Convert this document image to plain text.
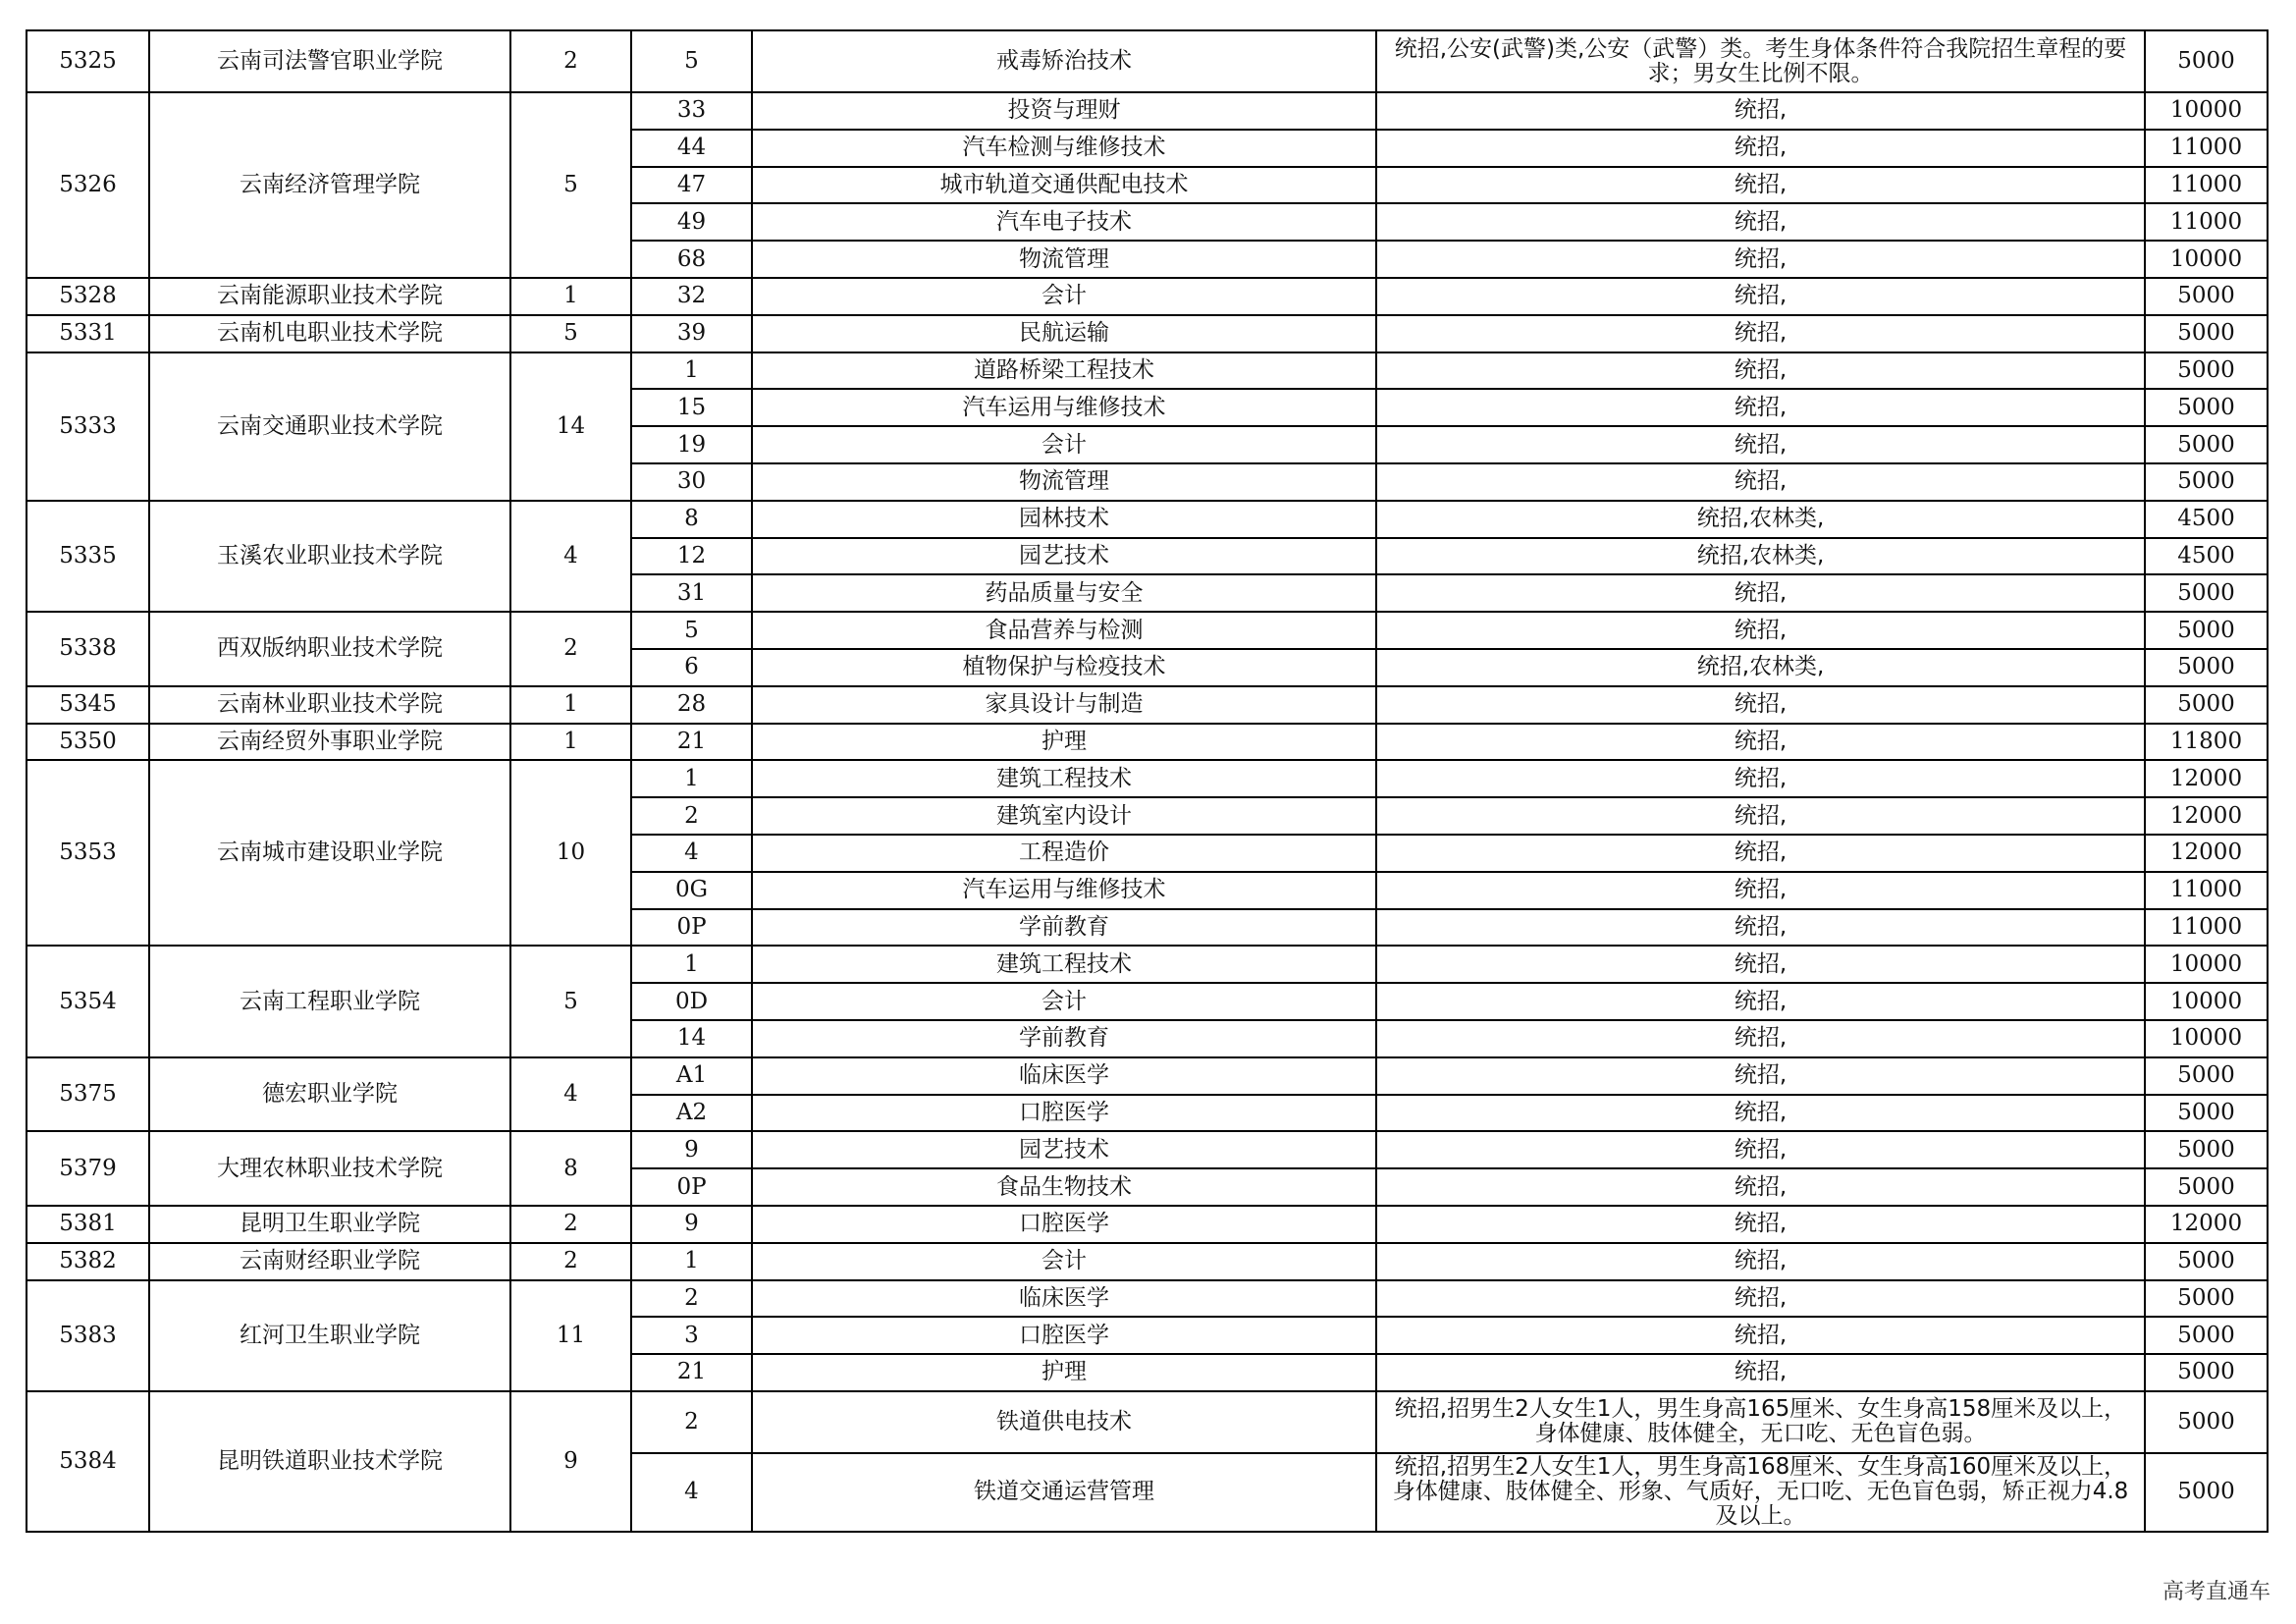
5325	云南司法警官职业学院	2	5	戒毒矫治技术	统招,公安(武警)类,公安（武警）类。考生身体条件符合我院招生章程的要求；男女生比例不限。	5000
5326	云南经济管理学院	5	33	投资与理财	统招,	10000
			44	汽车检测与维修技术	统招,	11000
			47	城市轨道交通供配电技术	统招,	11000
			49	汽车电子技术	统招,	11000
			68	物流管理	统招,	10000
5328	云南能源职业技术学院	1	32	会计	统招,	5000
5331	云南机电职业技术学院	5	39	民航运输	统招,	5000
5333	云南交通职业技术学院	14	1	道路桥梁工程技术	统招,	5000
			15	汽车运用与维修技术	统招,	5000
			19	会计	统招,	5000
			30	物流管理	统招,	5000
5335	玉溪农业职业技术学院	4	8	园林技术	统招,农林类,	4500
			12	园艺技术	统招,农林类,	4500
			31	药品质量与安全	统招,	5000
5338	西双版纳职业技术学院	2	5	食品营养与检测	统招,	5000
			6	植物保护与检疫技术	统招,农林类,	5000
5345	云南林业职业技术学院	1	28	家具设计与制造	统招,	5000
5350	云南经贸外事职业学院	1	21	护理	统招,	11800
5353	云南城市建设职业学院	10	1	建筑工程技术	统招,	12000
			2	建筑室内设计	统招,	12000
			4	工程造价	统招,	12000
			0G	汽车运用与维修技术	统招,	11000
			0P	学前教育	统招,	11000
5354	云南工程职业学院	5	1	建筑工程技术	统招,	10000
			0D	会计	统招,	10000
			14	学前教育	统招,	10000
5375	德宏职业学院	4	A1	临床医学	统招,	5000
			A2	口腔医学	统招,	5000
5379	大理农林职业技术学院	8	9	园艺技术	统招,	5000
			0P	食品生物技术	统招,	5000
5381	昆明卫生职业学院	2	9	口腔医学	统招,	12000
5382	云南财经职业学院	2	1	会计	统招,	5000
5383	红河卫生职业学院	11	2	临床医学	统招,	5000
			3	口腔医学	统招,	5000
			21	护理	统招,	5000
5384	昆明铁道职业技术学院	9	2	铁道供电技术	统招,招男生2人女生1人，男生身高165厘米、女生身高158厘米及以上，身体健康、肢体健全，无口吃、无色盲色弱。	5000
			4	铁道交通运营管理	统招,招男生2人女生1人，男生身高168厘米、女生身高160厘米及以上，身体健康、肢体健全、形象、气质好，无口吃、无色盲色弱，矫正视力4.8及以上。	5000
高考直通车
